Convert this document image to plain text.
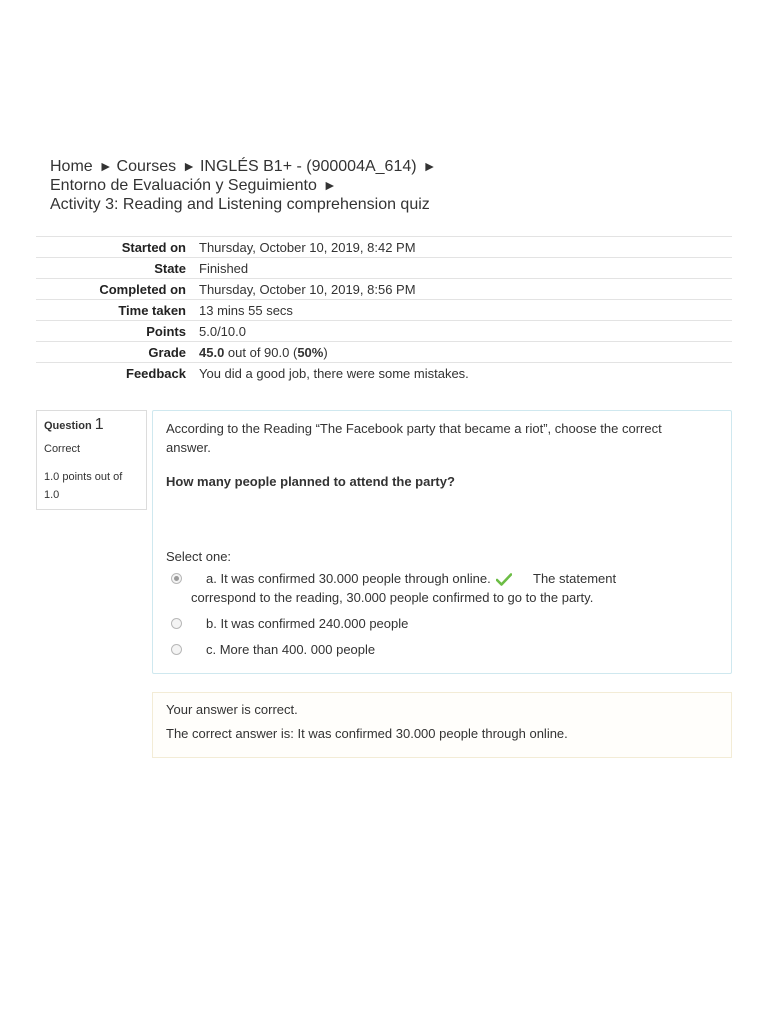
Home ► Courses ► INGLÉS B1+ - (900004A_614) ►
Entorno de Evaluación y Seguimiento ►
Activity 3: Reading and Listening comprehension quiz
Started on	Thursday, October 10, 2019, 8:42 PM
State	Finished
Completed on	Thursday, October 10, 2019, 8:56 PM
Time taken	13 mins 55 secs
Points	5.0/10.0
Grade	45.0 out of 90.0 (50%)
Feedback	You did a good job, there were some mistakes.
Question 1
Correct
1.0 points out of 1.0
According to the Reading “The Facebook party that became a riot”, choose the correct answer.
How many people planned to attend the party?
Select one:
a. It was confirmed 30.000 people through online.	The statement
correspond to the reading, 30.000 people confirmed to go to the party.
b. It was confirmed 240.000 people
c. More than 400. 000 people
Your answer is correct.
The correct answer is: It was confirmed 30.000 people through online.
